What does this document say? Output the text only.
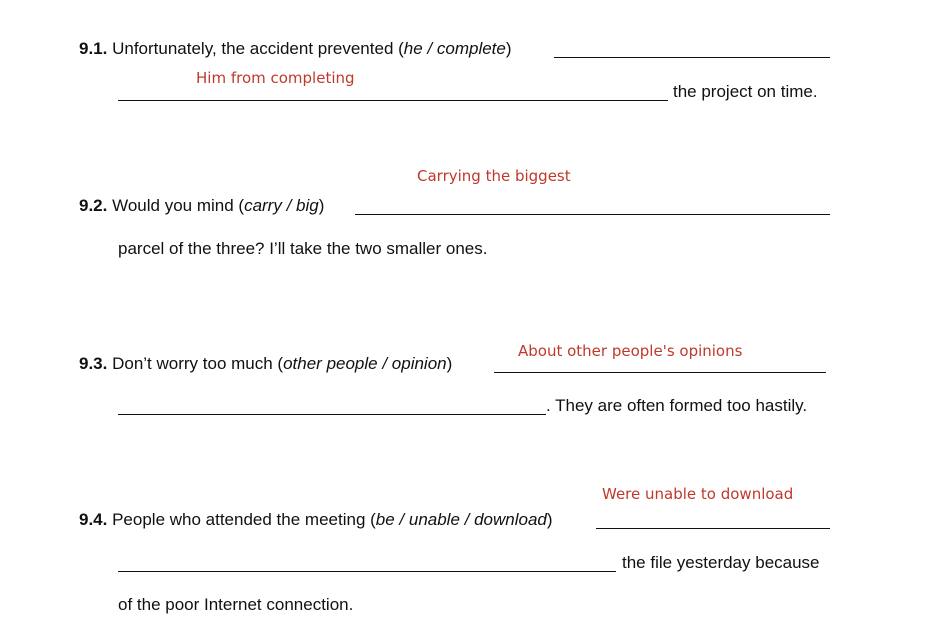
9.1. Unfortunately, the accident prevented (he / complete)
Him from completing
the project on time.
Carrying the biggest
9.2. Would you mind (carry / big)
parcel of the three? I’ll take the two smaller ones.
About other people's opinions
9.3. Don’t worry too much (other people / opinion)
. They are often formed too hastily.
Were unable to download
9.4. People who attended the meeting (be / unable / download)
the file yesterday because
of the poor Internet connection.
